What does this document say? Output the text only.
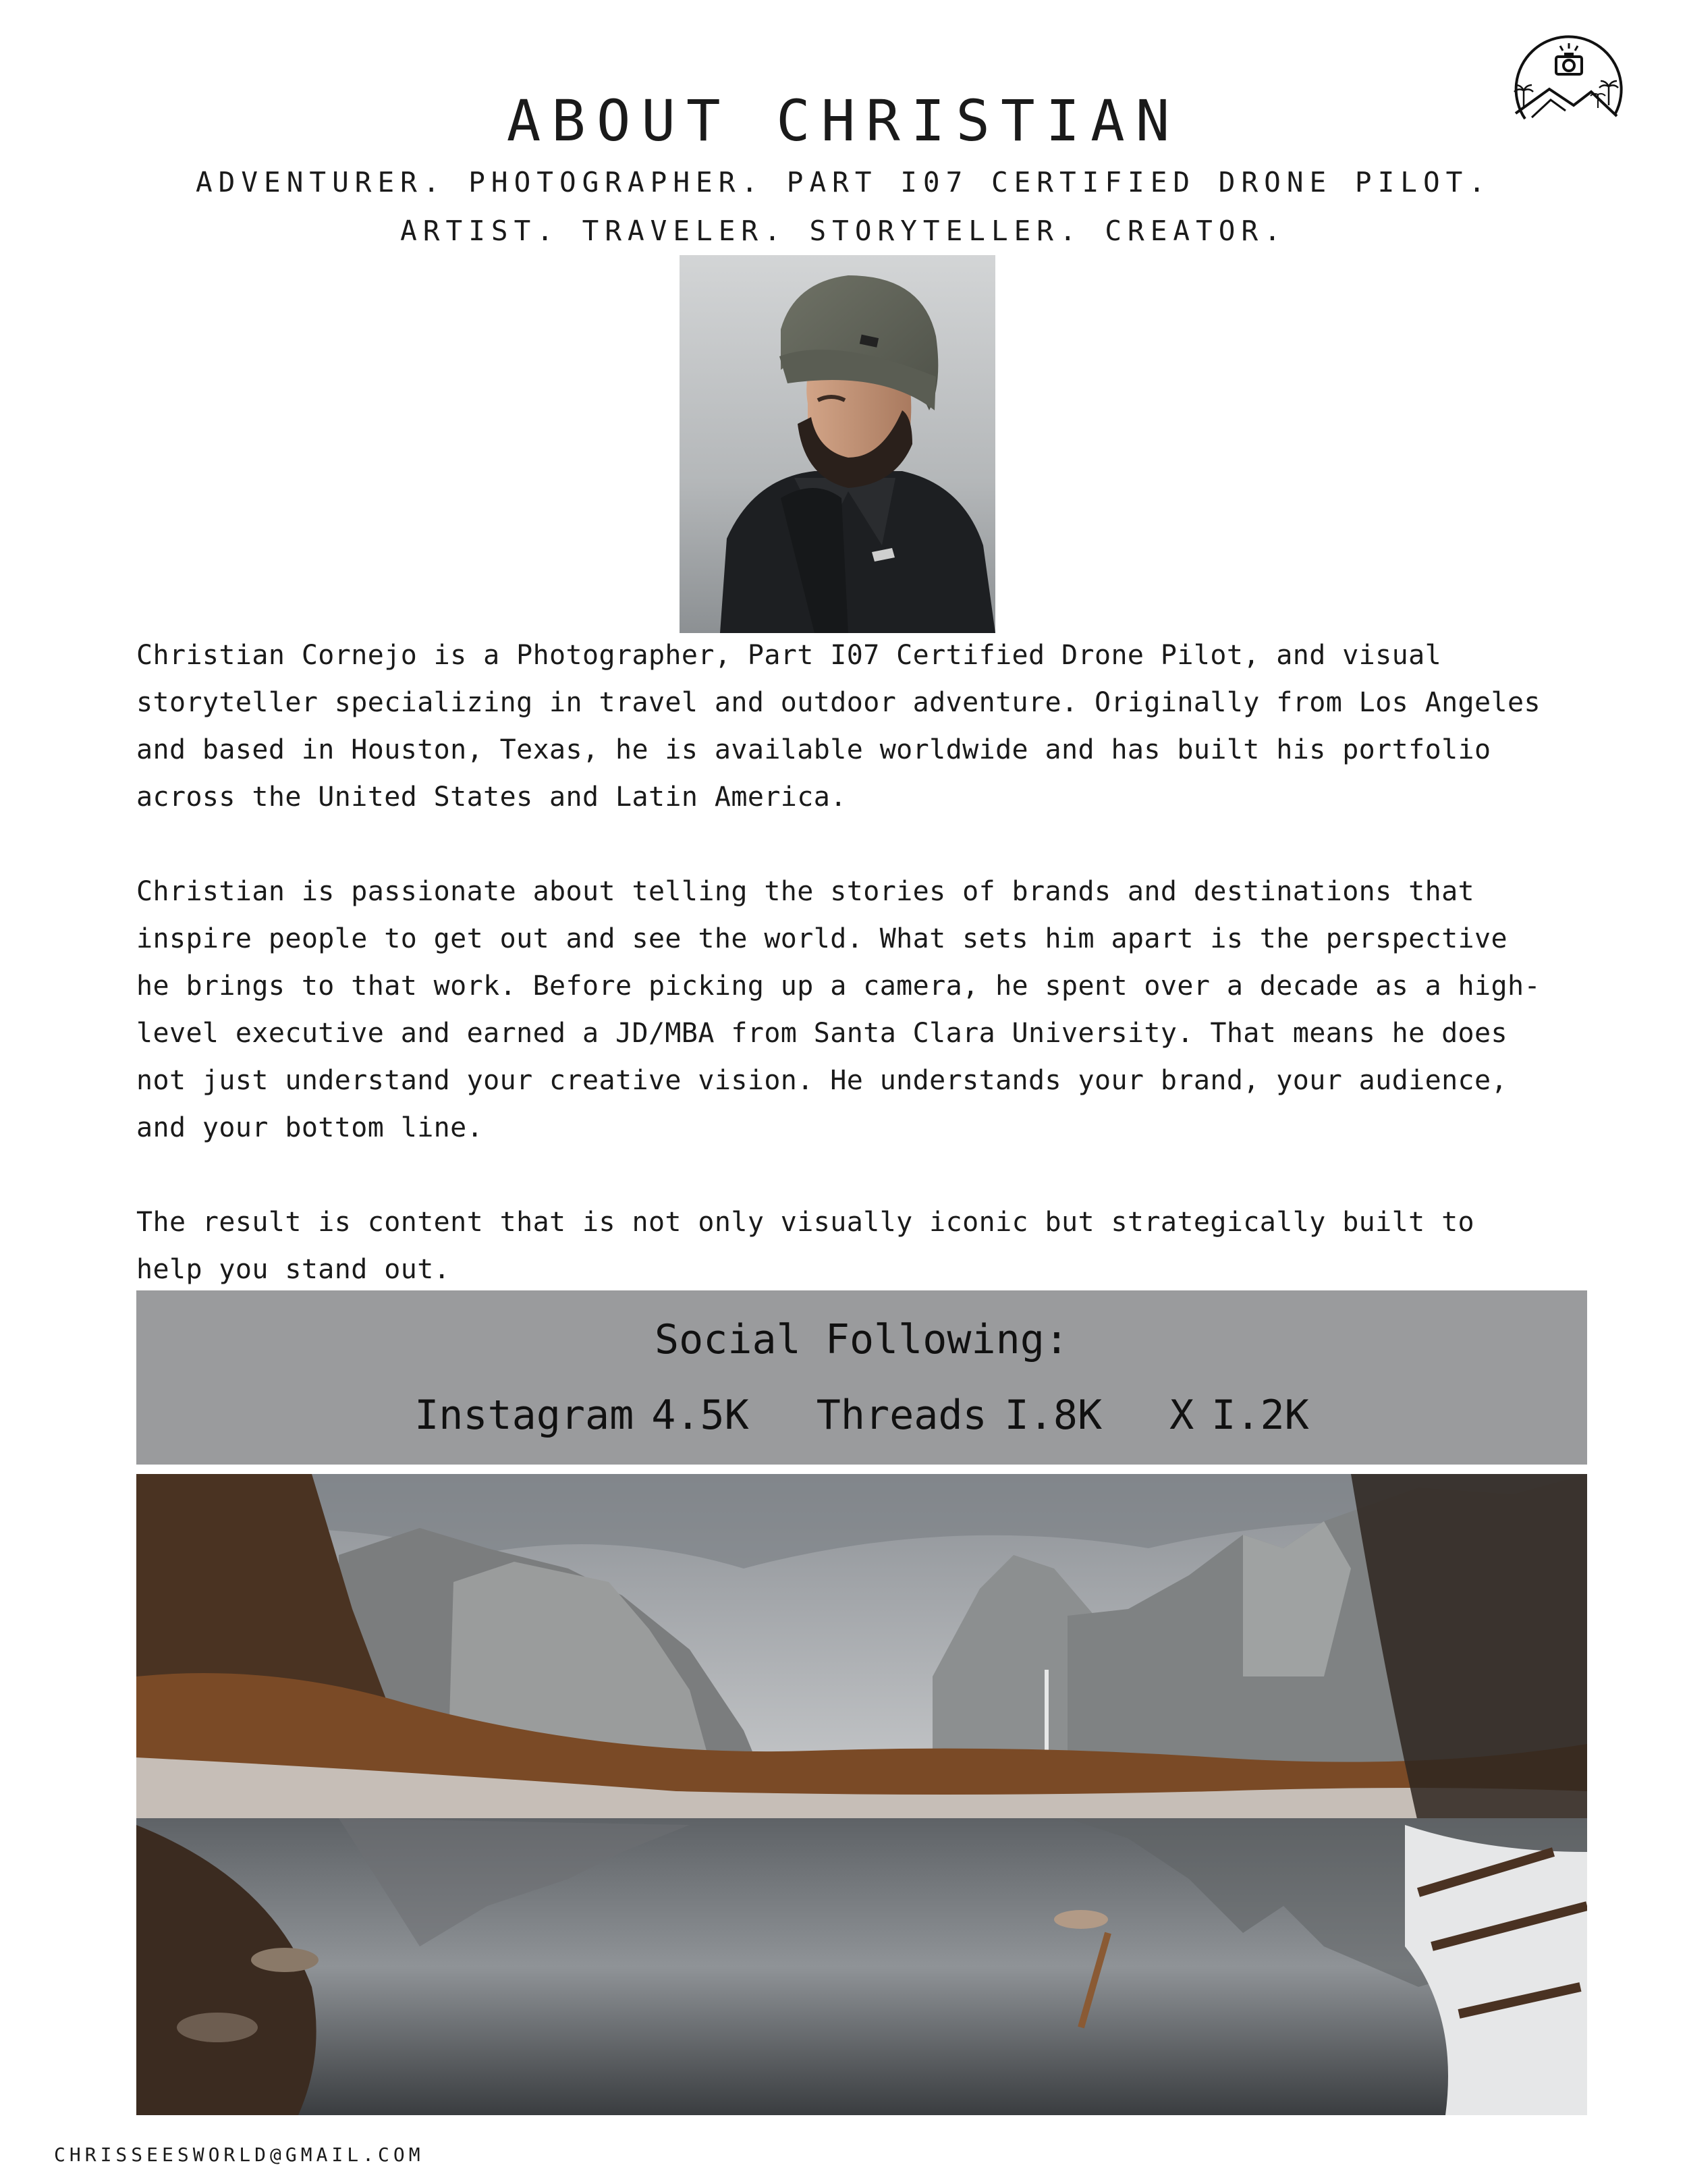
ABOUT CHRISTIAN
ADVENTURER. PHOTOGRAPHER. PART I07 CERTIFIED DRONE PILOT.
ARTIST. TRAVELER. STORYTELLER. CREATOR.
Christian Cornejo is a Photographer, Part I07 Certified Drone Pilot, and visual
storyteller specializing in travel and outdoor adventure. Originally from Los Angeles
and based in Houston, Texas, he is available worldwide and has built his portfolio
across the United States and Latin America.
Christian is passionate about telling the stories of brands and destinations that
inspire people to get out and see the world. What sets him apart is the perspective
he brings to that work. Before picking up a camera, he spent over a decade as a high-
level executive and earned a JD/MBA from Santa Clara University. That means he does
not just understand your creative vision. He understands your brand, your audience,
and your bottom line.
The result is content that is not only visually iconic but strategically built to
help you stand out.
Social Following:
Instagram 4.5K Threads I.8K X I.2K
CHRISSEESWORLD@GMAIL.COM
